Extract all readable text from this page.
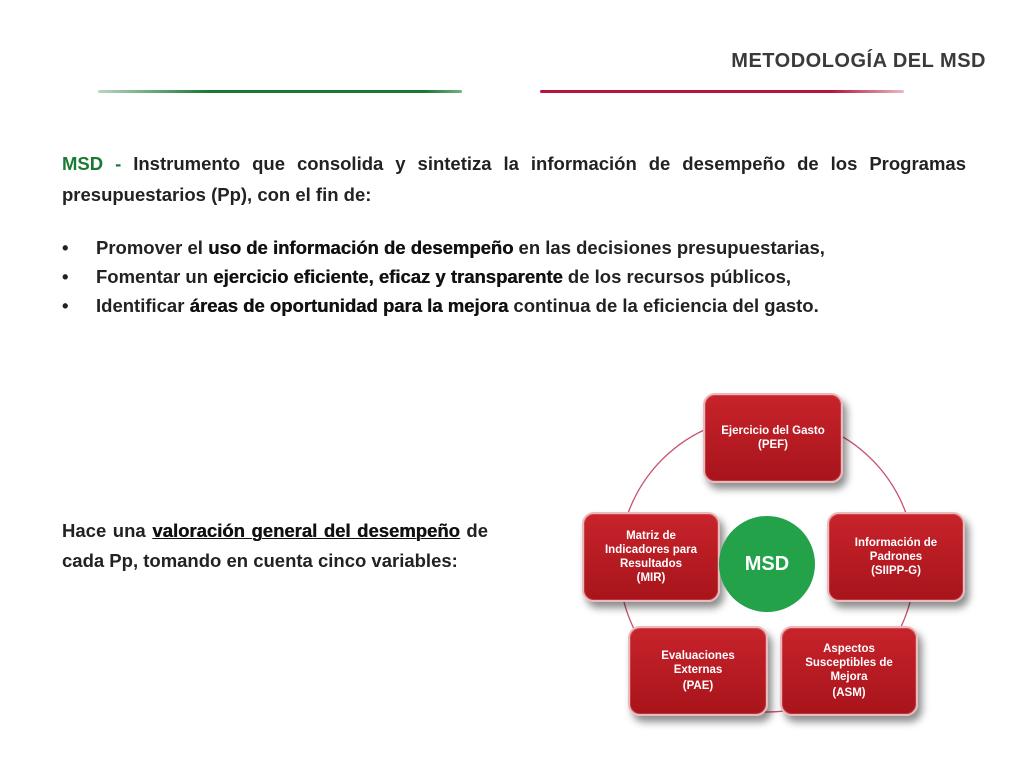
METODOLOGÍA DEL MSD
MSD - Instrumento que consolida y sintetiza la información de desempeño de los Programas presupuestarios (Pp), con el fin de:
• Promover el uso de información de desempeño en las decisiones presupuestarias,
• Fomentar un ejercicio eficiente, eficaz y transparente de los recursos públicos,
• Identificar áreas de oportunidad para la mejora continua de la eficiencia del gasto.
Hace una valoración general del desempeño de cada Pp, tomando en cuenta cinco variables:
Ejercicio del Gasto
(PEF)
Información de Padrones
(SIIPP-G)
Aspectos Susceptibles de Mejora
(ASM)
Evaluaciones Externas
(PAE)
Matriz de Indicadores para Resultados
(MIR)
MSD
